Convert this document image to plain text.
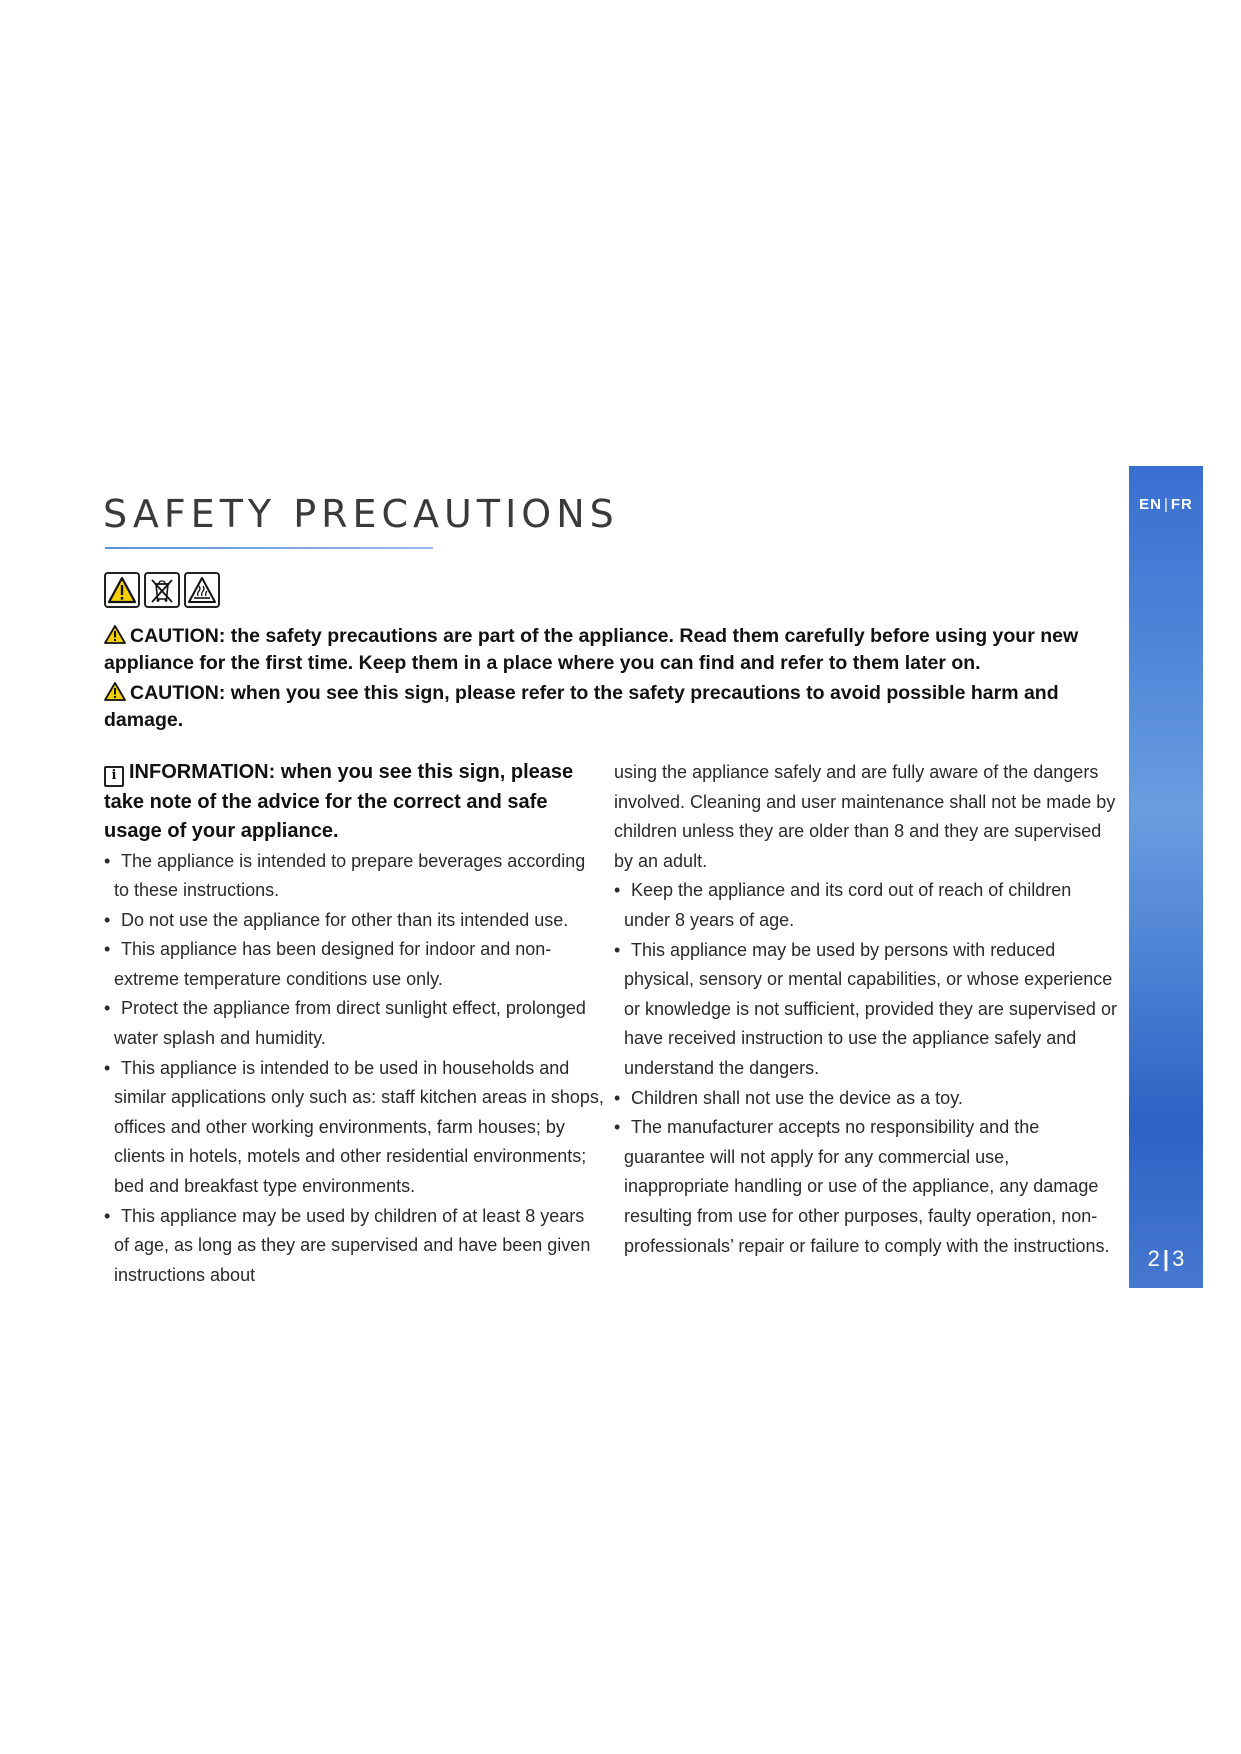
EN | FR
2 | 3
SAFETY PRECAUTIONS

CAUTION: the safety precautions are part of the appliance. Read them carefully before using your new appliance for the first time. Keep them in a place where you can find and refer to them later on.

CAUTION: when you see this sign, please refer to the safety precautions to avoid possible harm and damage.

i INFORMATION: when you see this sign, please take note of the advice for the correct and safe usage of your appliance.

• The appliance is intended to prepare beverages according to these instructions.
• Do not use the appliance for other than its intended use.
• This appliance has been designed for indoor and non-extreme temperature conditions use only.
• Protect the appliance from direct sunlight effect, prolonged water splash and humidity.
• This appliance is intended to be used in households and similar applications only such as: staff kitchen areas in shops, offices and other working environments, farm houses; by clients in hotels, motels and other residential environments; bed and breakfast type environments.
• This appliance may be used by children of at least 8 years of age, as long as they are supervised and have been given instructions about

using the appliance safely and are fully aware of the dangers involved. Cleaning and user maintenance shall not be made by children unless they are older than 8 and they are supervised by an adult.

• Keep the appliance and its cord out of reach of children under 8 years of age.
• This appliance may be used by persons with reduced physical, sensory or mental capabilities, or whose experience or knowledge is not sufficient, provided they are supervised or have received instruction to use the appliance safely and understand the dangers.
• Children shall not use the device as a toy.
• The manufacturer accepts no responsibility and the guarantee will not apply for any commercial use, inappropriate handling or use of the appliance, any damage resulting from use for other purposes, faulty operation, non-professionals’ repair or failure to comply with the instructions.
